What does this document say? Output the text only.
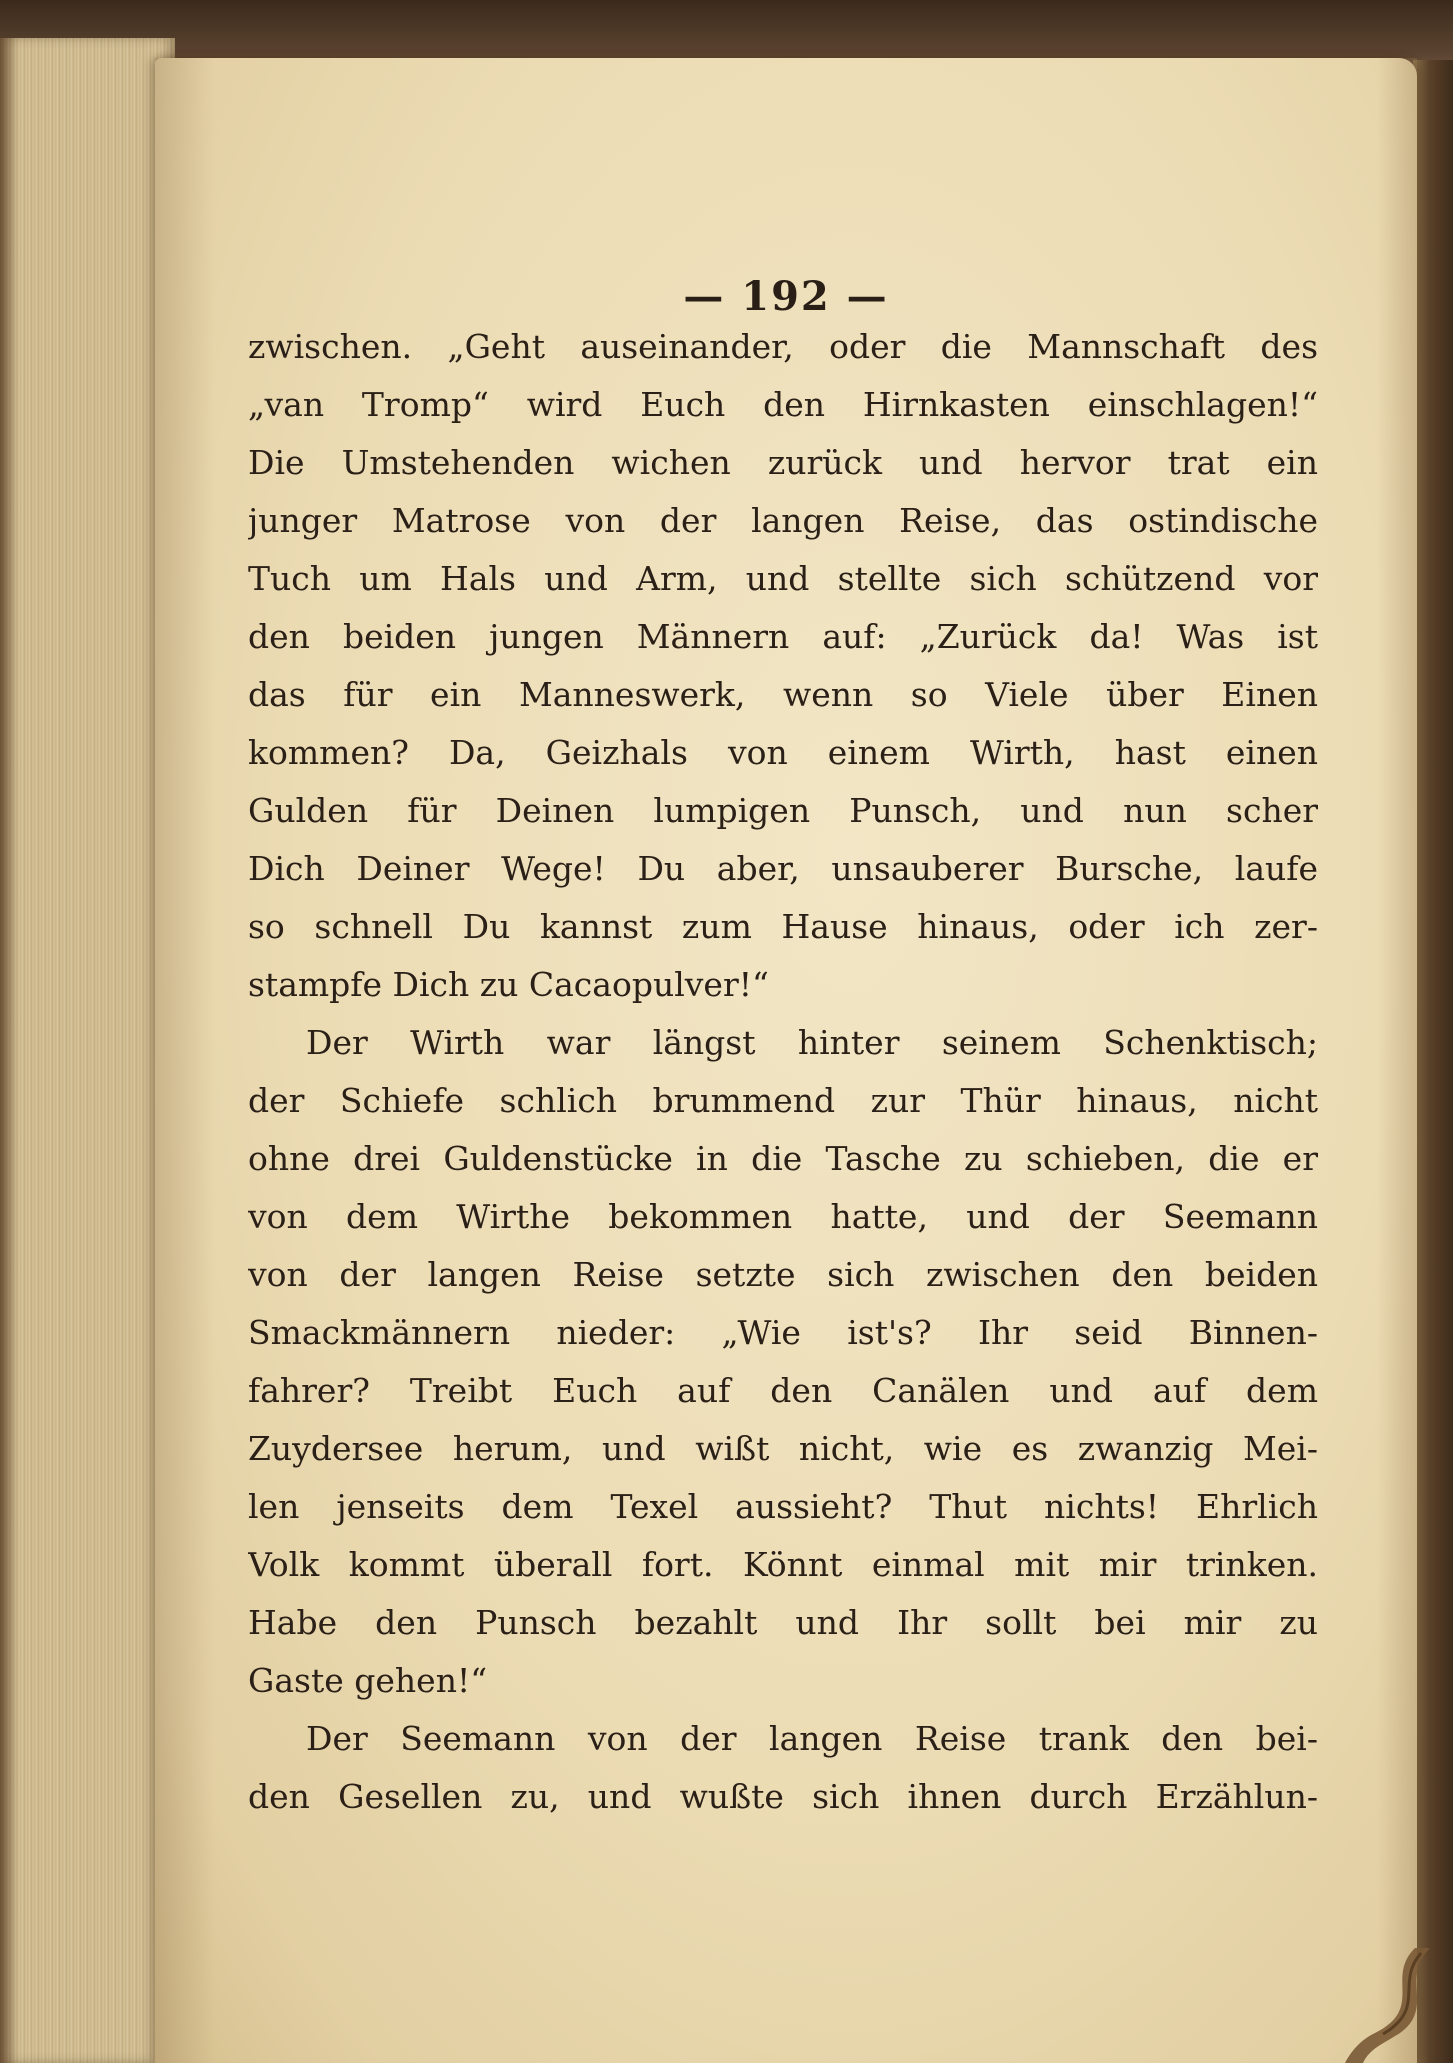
— 192 —
zwischen. „Geht auseinander, oder die Mannschaft des
„van Tromp“ wird Euch den Hirnkasten einschlagen!“
Die Umstehenden wichen zurück und hervor trat ein
junger Matrose von der langen Reise, das ostindische
Tuch um Hals und Arm, und stellte sich schützend vor
den beiden jungen Männern auf: „Zurück da! Was ist
das für ein Manneswerk, wenn so Viele über Einen
kommen? Da, Geizhals von einem Wirth, hast einen
Gulden für Deinen lumpigen Punsch, und nun scher
Dich Deiner Wege! Du aber, unsauberer Bursche, laufe
so schnell Du kannst zum Hause hinaus, oder ich zer-
stampfe Dich zu Cacaopulver!“
Der Wirth war längst hinter seinem Schenktisch;
der Schiefe schlich brummend zur Thür hinaus, nicht
ohne drei Guldenstücke in die Tasche zu schieben, die er
von dem Wirthe bekommen hatte, und der Seemann
von der langen Reise setzte sich zwischen den beiden
Smackmännern nieder: „Wie ist's? Ihr seid Binnen-
fahrer? Treibt Euch auf den Canälen und auf dem
Zuydersee herum, und wißt nicht, wie es zwanzig Mei-
len jenseits dem Texel aussieht? Thut nichts! Ehrlich
Volk kommt überall fort. Könnt einmal mit mir trinken.
Habe den Punsch bezahlt und Ihr sollt bei mir zu
Gaste gehen!“
Der Seemann von der langen Reise trank den bei-
den Gesellen zu, und wußte sich ihnen durch Erzählun-
